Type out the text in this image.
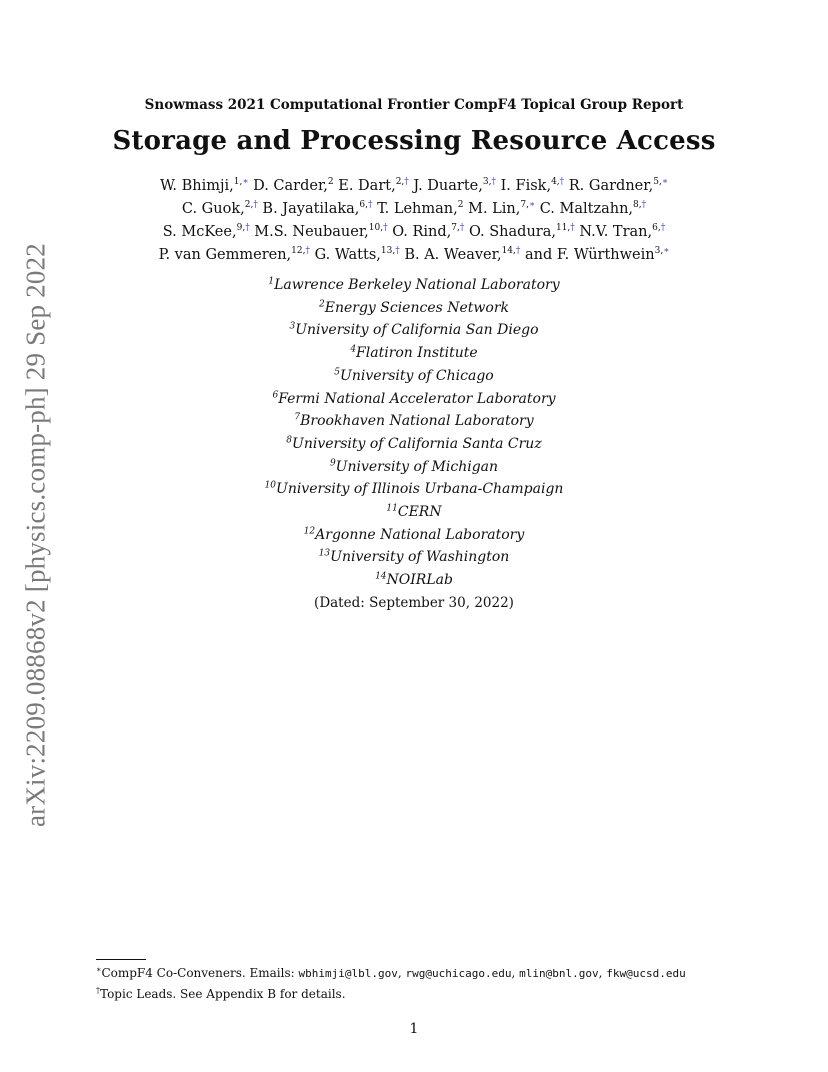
arXiv:2209.08868v2 [physics.comp-ph] 29 Sep 2022
Snowmass 2021 Computational Frontier CompF4 Topical Group Report
Storage and Processing Resource Access
W. Bhimji,$^{1,∗}$ D. Carder,$^2$ E. Dart,$^{2,\dagger}$ J. Duarte,$^{3,\dagger}$ I. Fisk,$^{4,\dagger}$ R. Gardner,$^{5,∗}$
C. Guok,$^{2,\dagger}$ B. Jayatilaka,$^{6,\dagger}$ T. Lehman,$^2$ M. Lin,$^{7,∗}$ C. Maltzahn,$^{8,\dagger}$
S. McKee,$^{9,\dagger}$ M.S. Neubauer,$^{10,\dagger}$ O. Rind,$^{7,\dagger}$ O. Shadura,$^{11,\dagger}$ N.V. Tran,$^{6,\dagger}$
P. van Gemmeren,$^{12,\dagger}$ G. Watts,$^{13,\dagger}$ B. A. Weaver,$^{14,\dagger}$ and F. Würthwein$^{3,∗}$
$^1$Lawrence Berkeley National Laboratory
$^2$Energy Sciences Network
$^3$University of California San Diego
$^4$Flatiron Institute
$^5$University of Chicago
$^6$Fermi National Accelerator Laboratory
$^7$Brookhaven National Laboratory
$^8$University of California Santa Cruz
$^9$University of Michigan
$^{10}$University of Illinois Urbana-Champaign
$^{11}$CERN
$^{12}$Argonne National Laboratory
$^{13}$University of Washington
$^{14}$NOIRLab
(Dated: September 30, 2022)
∗CompF4 Co-Conveners. Emails: wbhimji@lbl.gov, rwg@uchicago.edu, mlin@bnl.gov, fkw@ucsd.edu
†Topic Leads. See Appendix B for details.
1
